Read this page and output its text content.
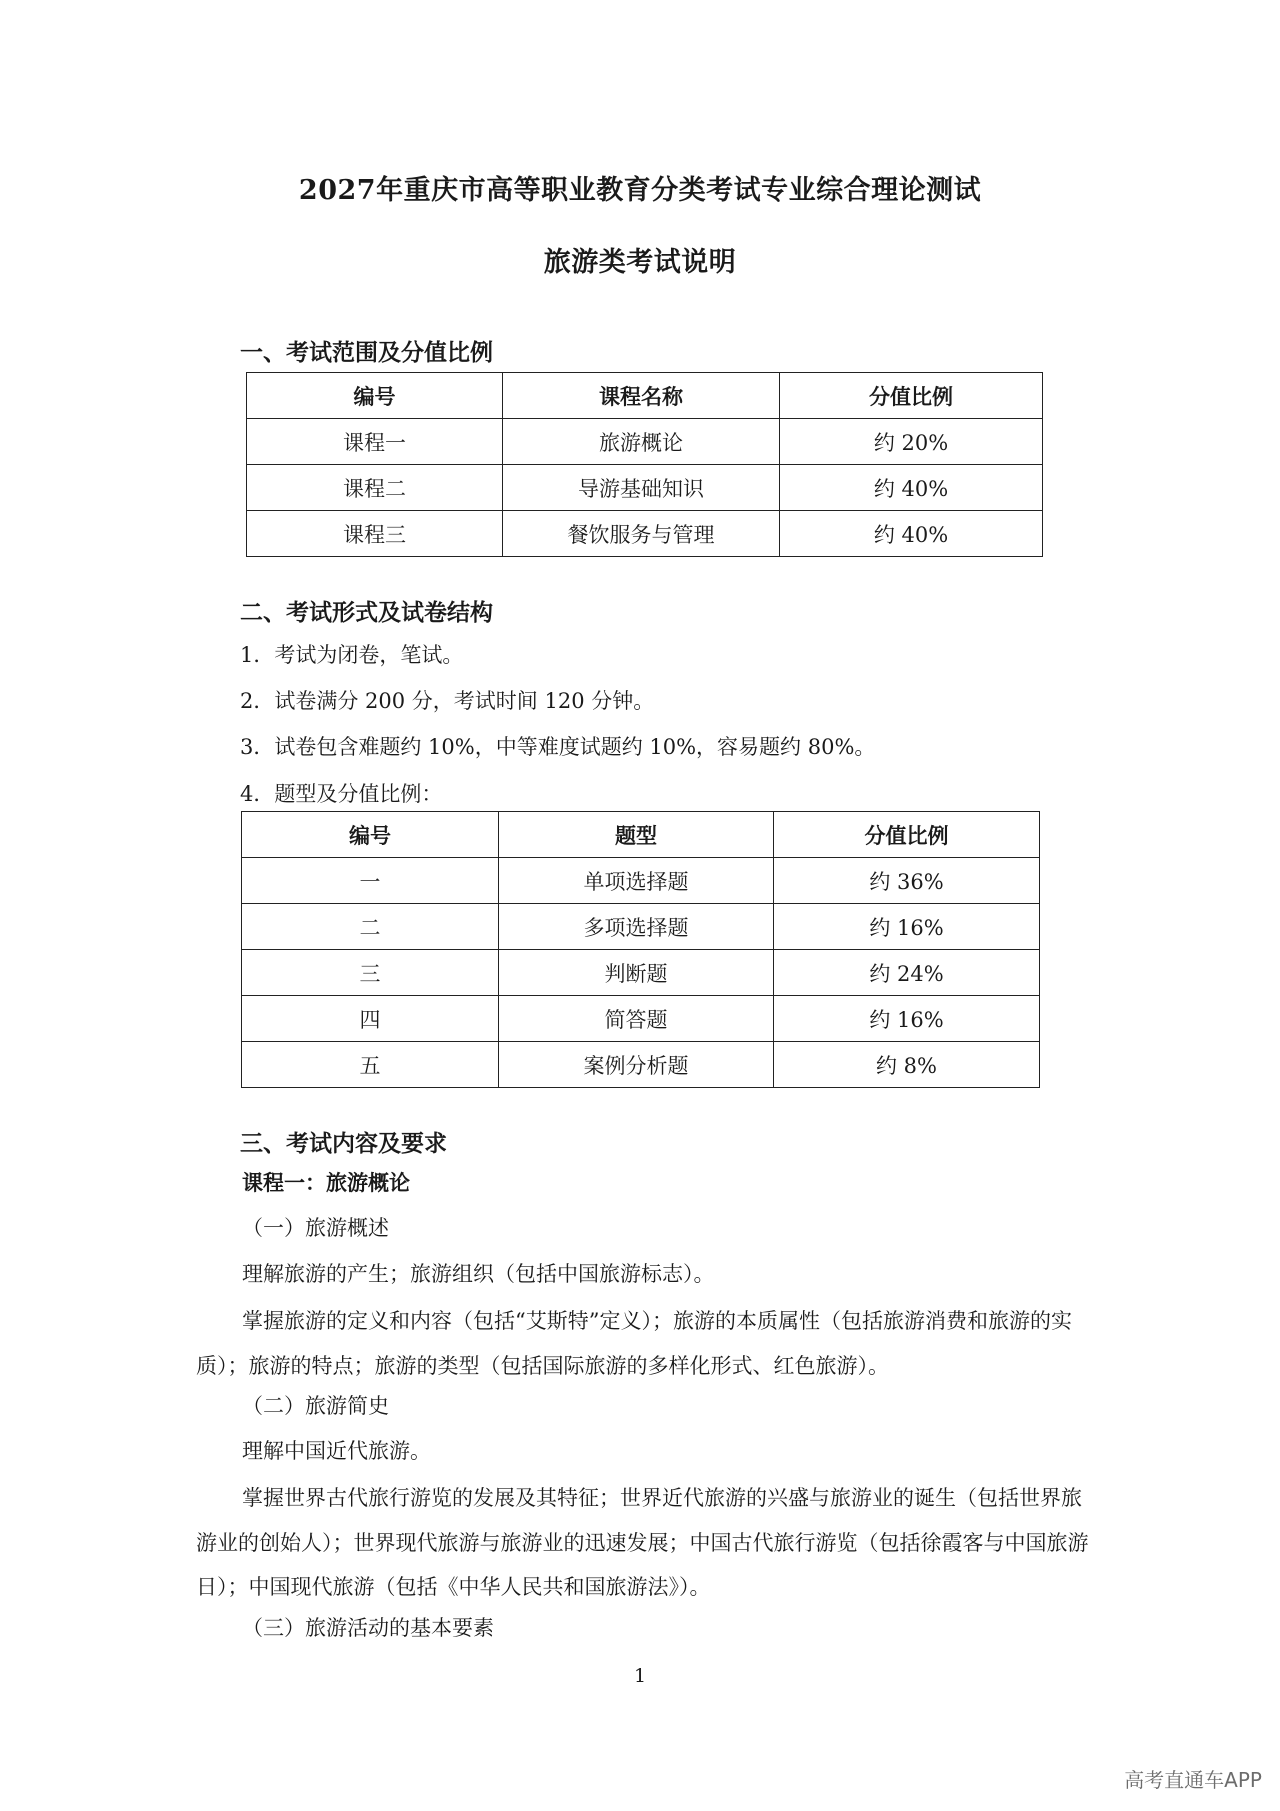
2027年重庆市高等职业教育分类考试专业综合理论测试
旅游类考试说明
一、考试范围及分值比例
编号	课程名称	分值比例
课程一	旅游概论	约 20%
课程二	导游基础知识	约 40%
课程三	餐饮服务与管理	约 40%
二、考试形式及试卷结构
1．考试为闭卷，笔试。
2．试卷满分 200 分，考试时间 120 分钟。
3．试卷包含难题约 10%，中等难度试题约 10%，容易题约 80%。
4．题型及分值比例：
编号	题型	分值比例
一	单项选择题	约 36%
二	多项选择题	约 16%
三	判断题	约 24%
四	简答题	约 16%
五	案例分析题	约 8%
三、考试内容及要求
课程一：旅游概论
（一）旅游概述
理解旅游的产生；旅游组织（包括中国旅游标志）。
掌握旅游的定义和内容（包括“艾斯特”定义）；旅游的本质属性（包括旅游消费和旅游的实质）；旅游的特点；旅游的类型（包括国际旅游的多样化形式、红色旅游）。
（二）旅游简史
理解中国近代旅游。
掌握世界古代旅行游览的发展及其特征；世界近代旅游的兴盛与旅游业的诞生（包括世界旅游业的创始人）；世界现代旅游与旅游业的迅速发展；中国古代旅行游览（包括徐霞客与中国旅游日）；中国现代旅游（包括《中华人民共和国旅游法》）。
（三）旅游活动的基本要素
1
高考直通车APP
